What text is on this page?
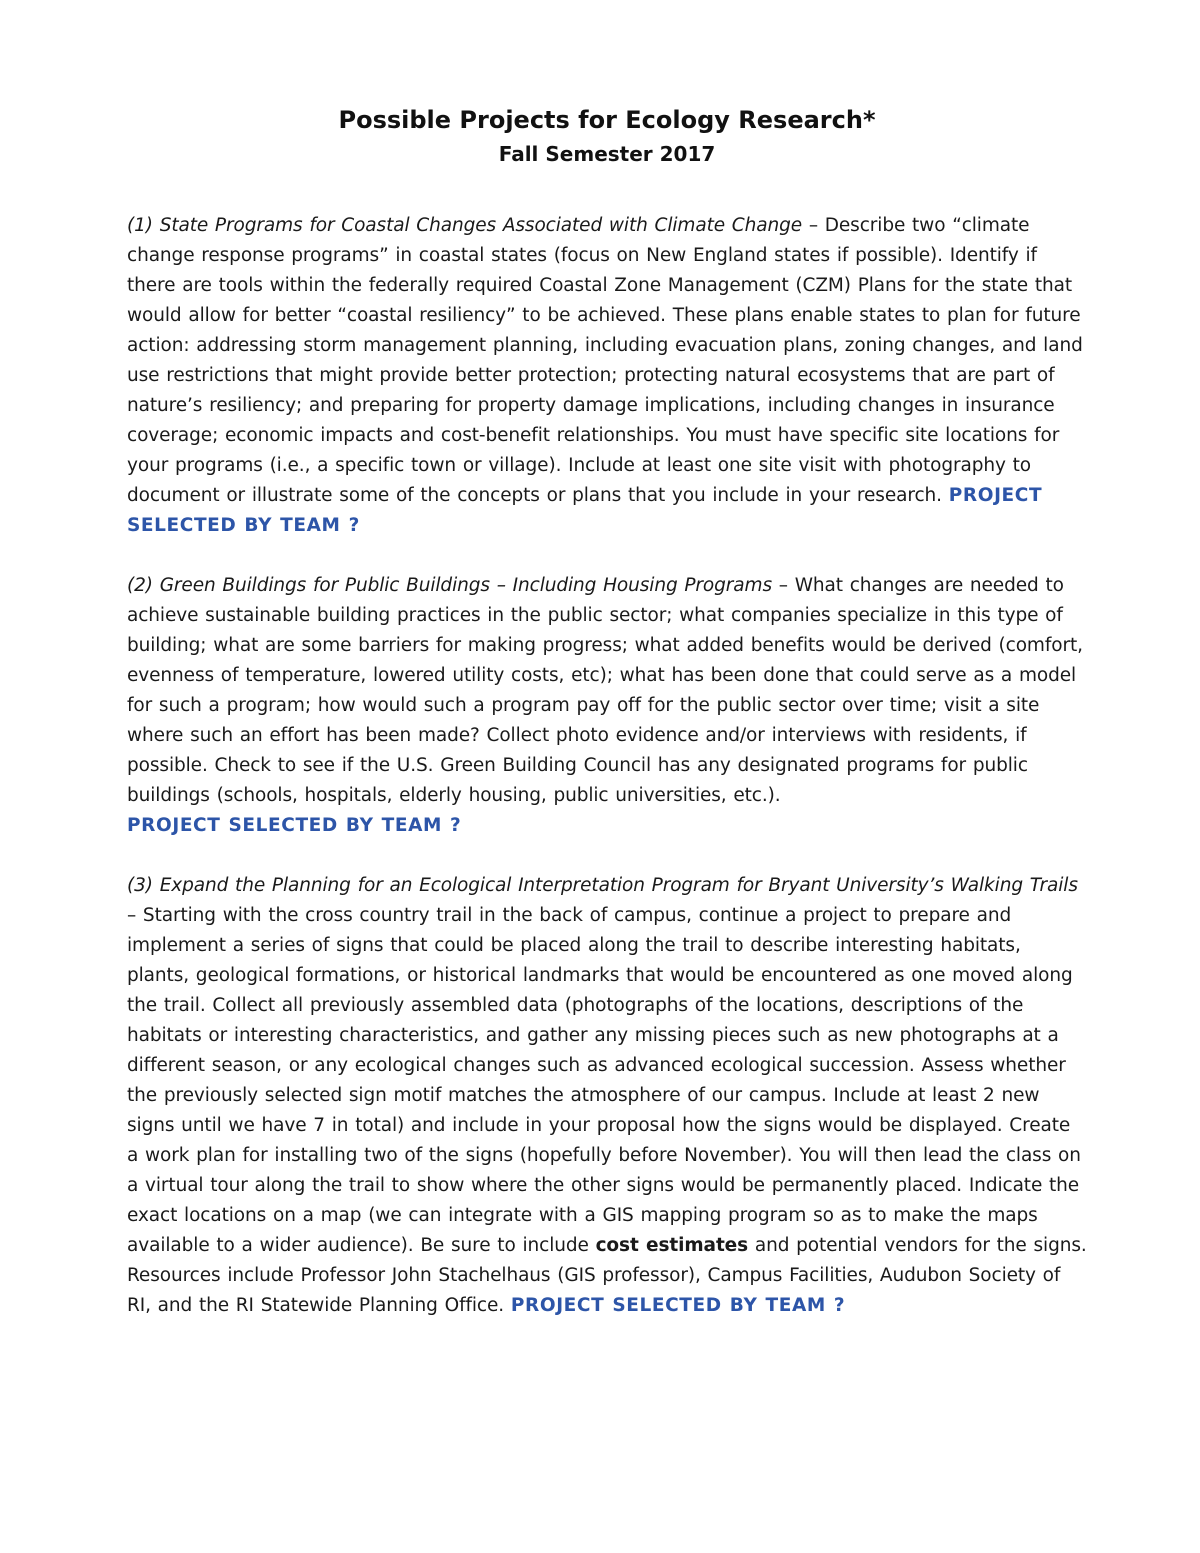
Possible Projects for Ecology Research*
Fall Semester 2017

(1) State Programs for Coastal Changes Associated with Climate Change – Describe two “climate change response programs” in coastal states (focus on New England states if possible). Identify if there are tools within the federally required Coastal Zone Management (CZM) Plans for the state that would allow for better “coastal resiliency” to be achieved. These plans enable states to plan for future action: addressing storm management planning, including evacuation plans, zoning changes, and land use restrictions that might provide better protection; protecting natural ecosystems that are part of nature’s resiliency; and preparing for property damage implications, including changes in insurance coverage; economic impacts and cost-benefit relationships. You must have specific site locations for your programs (i.e., a specific town or village). Include at least one site visit with photography to document or illustrate some of the concepts or plans that you include in your research. PROJECT SELECTED BY TEAM ?

(2) Green Buildings for Public Buildings – Including Housing Programs – What changes are needed to achieve sustainable building practices in the public sector; what companies specialize in this type of building; what are some barriers for making progress; what added benefits would be derived (comfort, evenness of temperature, lowered utility costs, etc); what has been done that could serve as a model for such a program; how would such a program pay off for the public sector over time; visit a site where such an effort has been made? Collect photo evidence and/or interviews with residents, if possible. Check to see if the U.S. Green Building Council has any designated programs for public buildings (schools, hospitals, elderly housing, public universities, etc.).
PROJECT SELECTED BY TEAM ?

(3) Expand the Planning for an Ecological Interpretation Program for Bryant University’s Walking Trails – Starting with the cross country trail in the back of campus, continue a project to prepare and implement a series of signs that could be placed along the trail to describe interesting habitats, plants, geological formations, or historical landmarks that would be encountered as one moved along the trail. Collect all previously assembled data (photographs of the locations, descriptions of the habitats or interesting characteristics, and gather any missing pieces such as new photographs at a different season, or any ecological changes such as advanced ecological succession. Assess whether the previously selected sign motif matches the atmosphere of our campus. Include at least 2 new signs until we have 7 in total) and include in your proposal how the signs would be displayed. Create a work plan for installing two of the signs (hopefully before November). You will then lead the class on a virtual tour along the trail to show where the other signs would be permanently placed. Indicate the exact locations on a map (we can integrate with a GIS mapping program so as to make the maps available to a wider audience). Be sure to include cost estimates and potential vendors for the signs. Resources include Professor John Stachelhaus (GIS professor), Campus Facilities, Audubon Society of RI, and the RI Statewide Planning Office. PROJECT SELECTED BY TEAM ?
